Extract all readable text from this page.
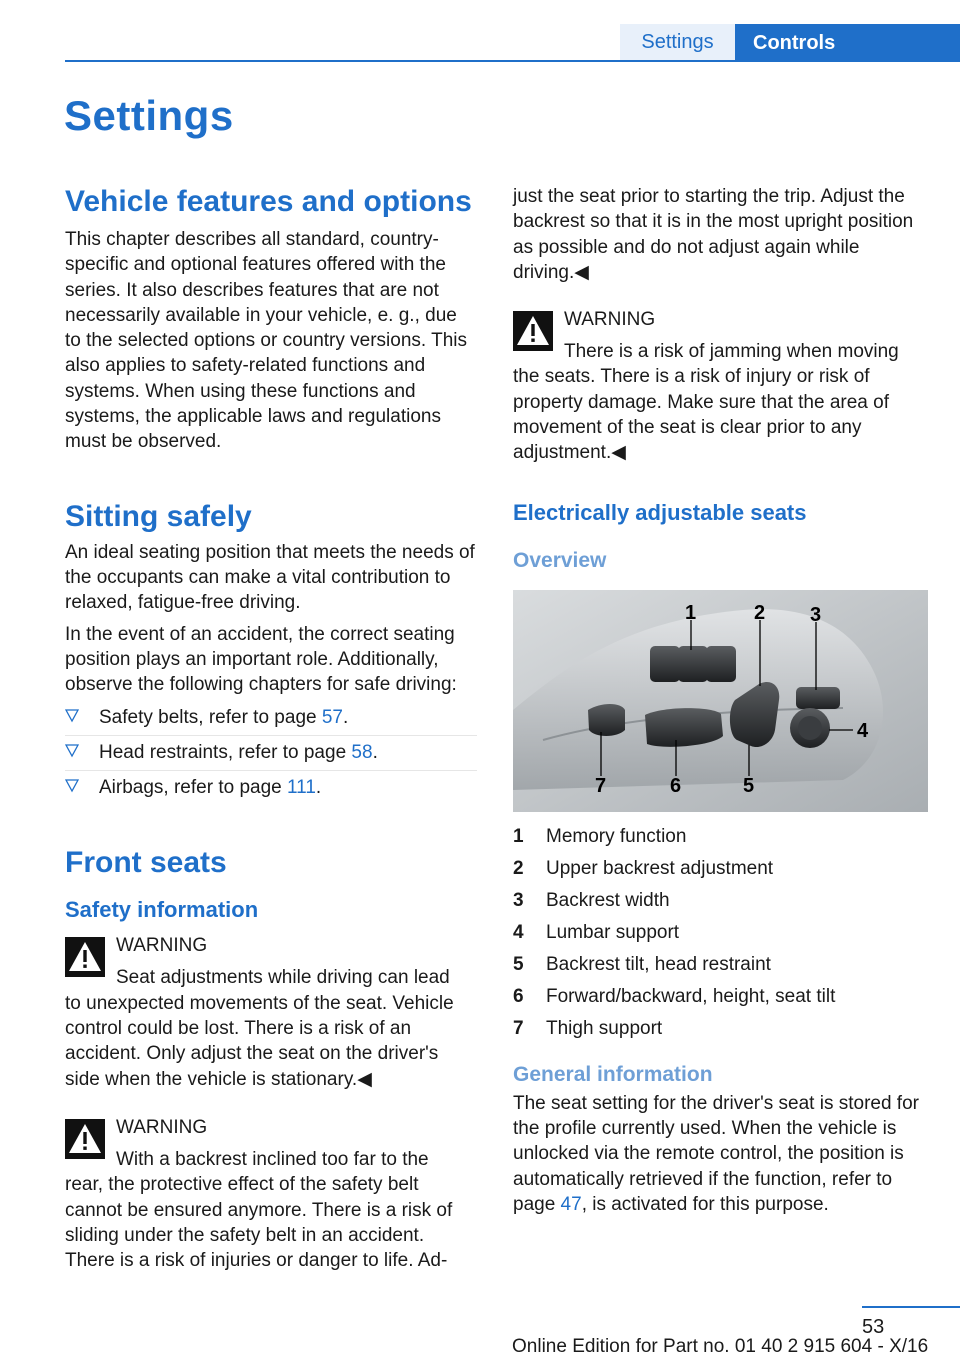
Settings	Controls
Settings
Vehicle features and options

This chapter describes all standard, country-specific and optional features offered with the series. It also describes features that are not necessarily available in your vehicle, e. g., due to the selected options or country versions. This also applies to safety-related functions and systems. When using these functions and systems, the applicable laws and regulations must be observed.

Sitting safely

An ideal seating position that meets the needs of the occupants can make a vital contribution to relaxed, fatigue-free driving.

In the event of an accident, the correct seating position plays an important role. Additionally, observe the following chapters for safe driving:

Safety belts, refer to page 57.
Head restraints, refer to page 58.
Airbags, refer to page 111.
Front seats
Safety information
WARNING
Seat adjustments while driving can lead

to unexpected movements of the seat. Vehicle control could be lost. There is a risk of an accident. Only adjust the seat on the driver's side when the vehicle is stationary.◀

WARNING
With a backrest inclined too far to the

rear, the protective effect of the safety belt cannot be ensured anymore. There is a risk of sliding under the safety belt in an accident. There is a risk of injuries or danger to life. Ad-

just the seat prior to starting the trip. Adjust the backrest so that it is in the most upright position as possible and do not adjust again while driving.◀

WARNING
There is a risk of jamming when moving

the seats. There is a risk of injury or risk of property damage. Make sure that the area of movement of the seat is clear prior to any adjustment.◀

Electrically adjustable seats
Overview
1	2 3
4
5
6
7
1	Memory function
2	Upper backrest adjustment
3	Backrest width
4	Lumbar support
5	Backrest tilt, head restraint
6	Forward/backward, height, seat tilt
7	Thigh support
General information

The seat setting for the driver's seat is stored for the profile currently used. When the vehicle is unlocked via the remote control, the position is automatically retrieved if the function, refer to page 47, is activated for this purpose.

53
Online Edition for Part no. 01 40 2 915 604 - X/16
